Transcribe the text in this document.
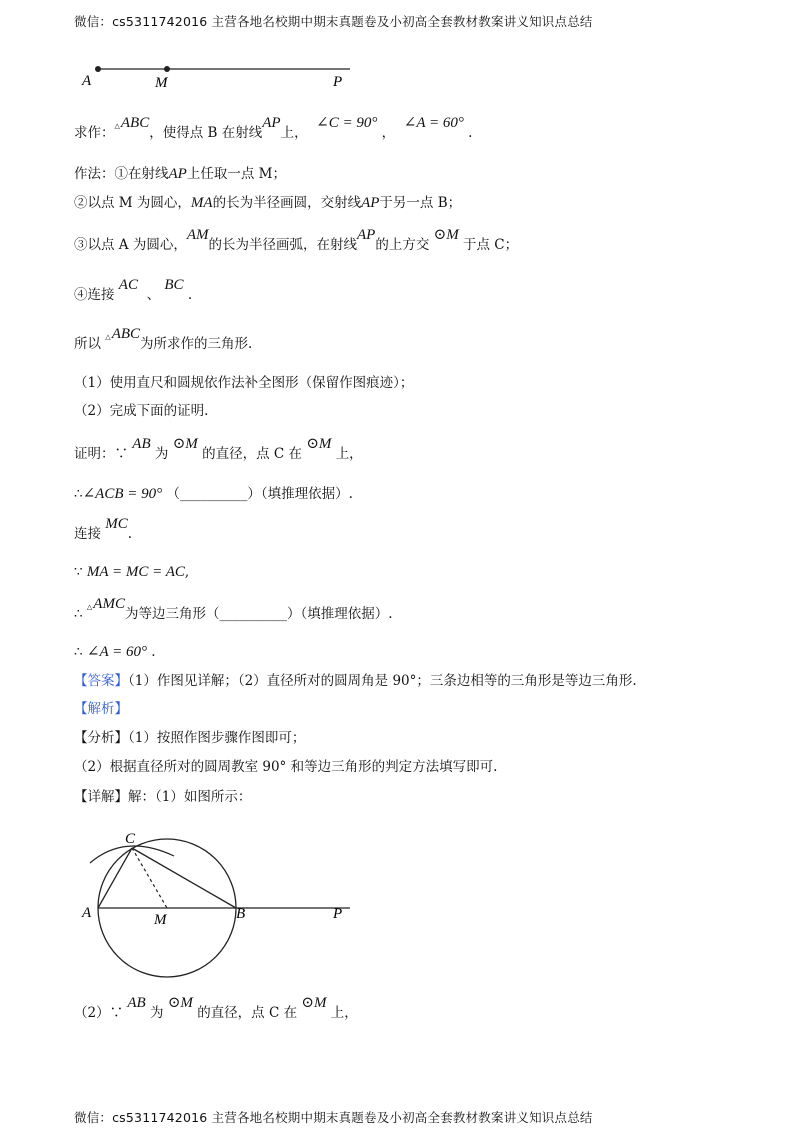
微信：cs5311742016 主营各地名校期中期末真题卷及小初高全套教材教案讲义知识点总结
A	M	P
求作：△ABC，使得点 B 在射线AP上，  ∠C = 90° ，  ∠A = 60° .
作法：①在射线AP上任取一点 M；
②以点 M 为圆心，MA的长为半径画圆，交射线AP于另一点 B；
③以点 A 为圆心，AM的长为半径画弧，在射线AP的上方交 ⊙M 于点 C；
④连接 AC  、 BC .
所以 △ABC为所求作的三角形.
（1）使用直尺和圆规依作法补全图形（保留作图痕迹）；
（2）完成下面的证明.
证明：∵ AB 为 ⊙M 的直径，点 C 在 ⊙M 上，
∴∠ACB = 90° （__________）（填推理依据）.
连接 MC.
∵ MA = MC = AC,
∴ △AMC为等边三角形（__________）（填推理依据）.
∴ ∠A = 60° .
【答案】（1）作图见详解；（2）直径所对的圆周角是 90°；三条边相等的三角形是等边三角形.
【解析】
【分析】（1）按照作图步骤作图即可；
（2）根据直径所对的圆周教室 90° 和等边三角形的判定方法填写即可.
【详解】解：（1）如图所示：
C
A	M	B	P
（2）∵ AB 为 ⊙M 的直径，点 C 在 ⊙M 上，
微信：cs5311742016 主营各地名校期中期末真题卷及小初高全套教材教案讲义知识点总结
